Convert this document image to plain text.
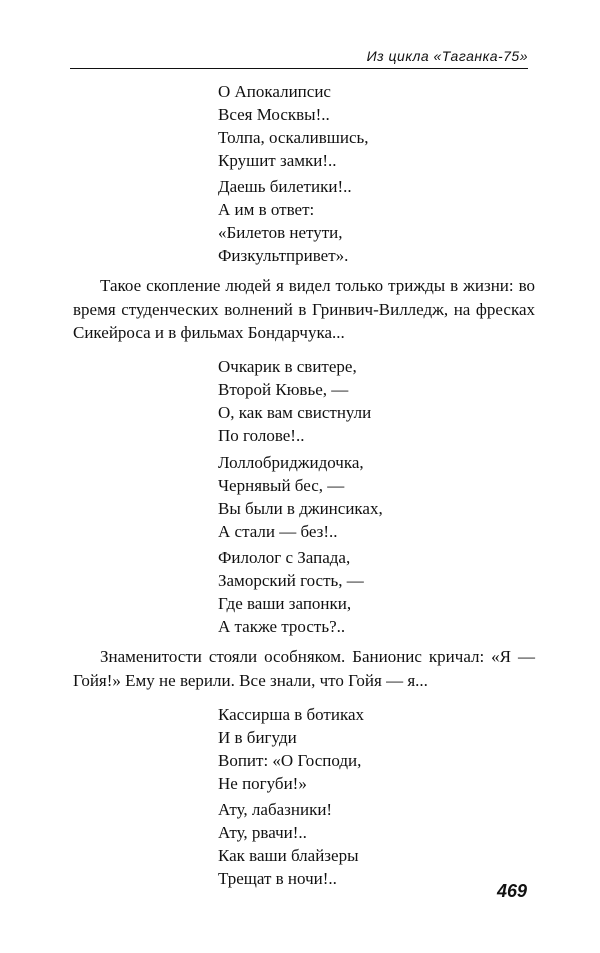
Из цикла «Таганка-75»
О Апокалипсис
Всея Москвы!..
Толпа, оскалившись,
Крушит замки!..
Даешь билетики!..
А им в ответ:
«Билетов нетути,
Физкультпривет».

Такое скопление людей я видел только трижды в жизни: во время студенческих волнений в Гринвич-Вилледж, на фресках Сикейроса и в фильмах Бондарчука...

Очкарик в свитере,
Второй Кювье, —
О, как вам свистнули
По голове!..
Лоллобриджидочка,
Чернявый бес, —
Вы были в джинсиках,
А стали — без!..
Филолог с Запада,
Заморский гость, —
Где ваши запонки,
А также трость?..

Знаменитости стояли особняком. Банионис кричал: «Я — Гойя!» Ему не верили. Все знали, что Гойя — я...

Кассирша в ботиках
И в бигуди
Вопит: «О Господи,
Не погуби!»
Ату, лабазники!
Ату, рвачи!..
Как ваши блайзеры
Трещат в ночи!..
469
